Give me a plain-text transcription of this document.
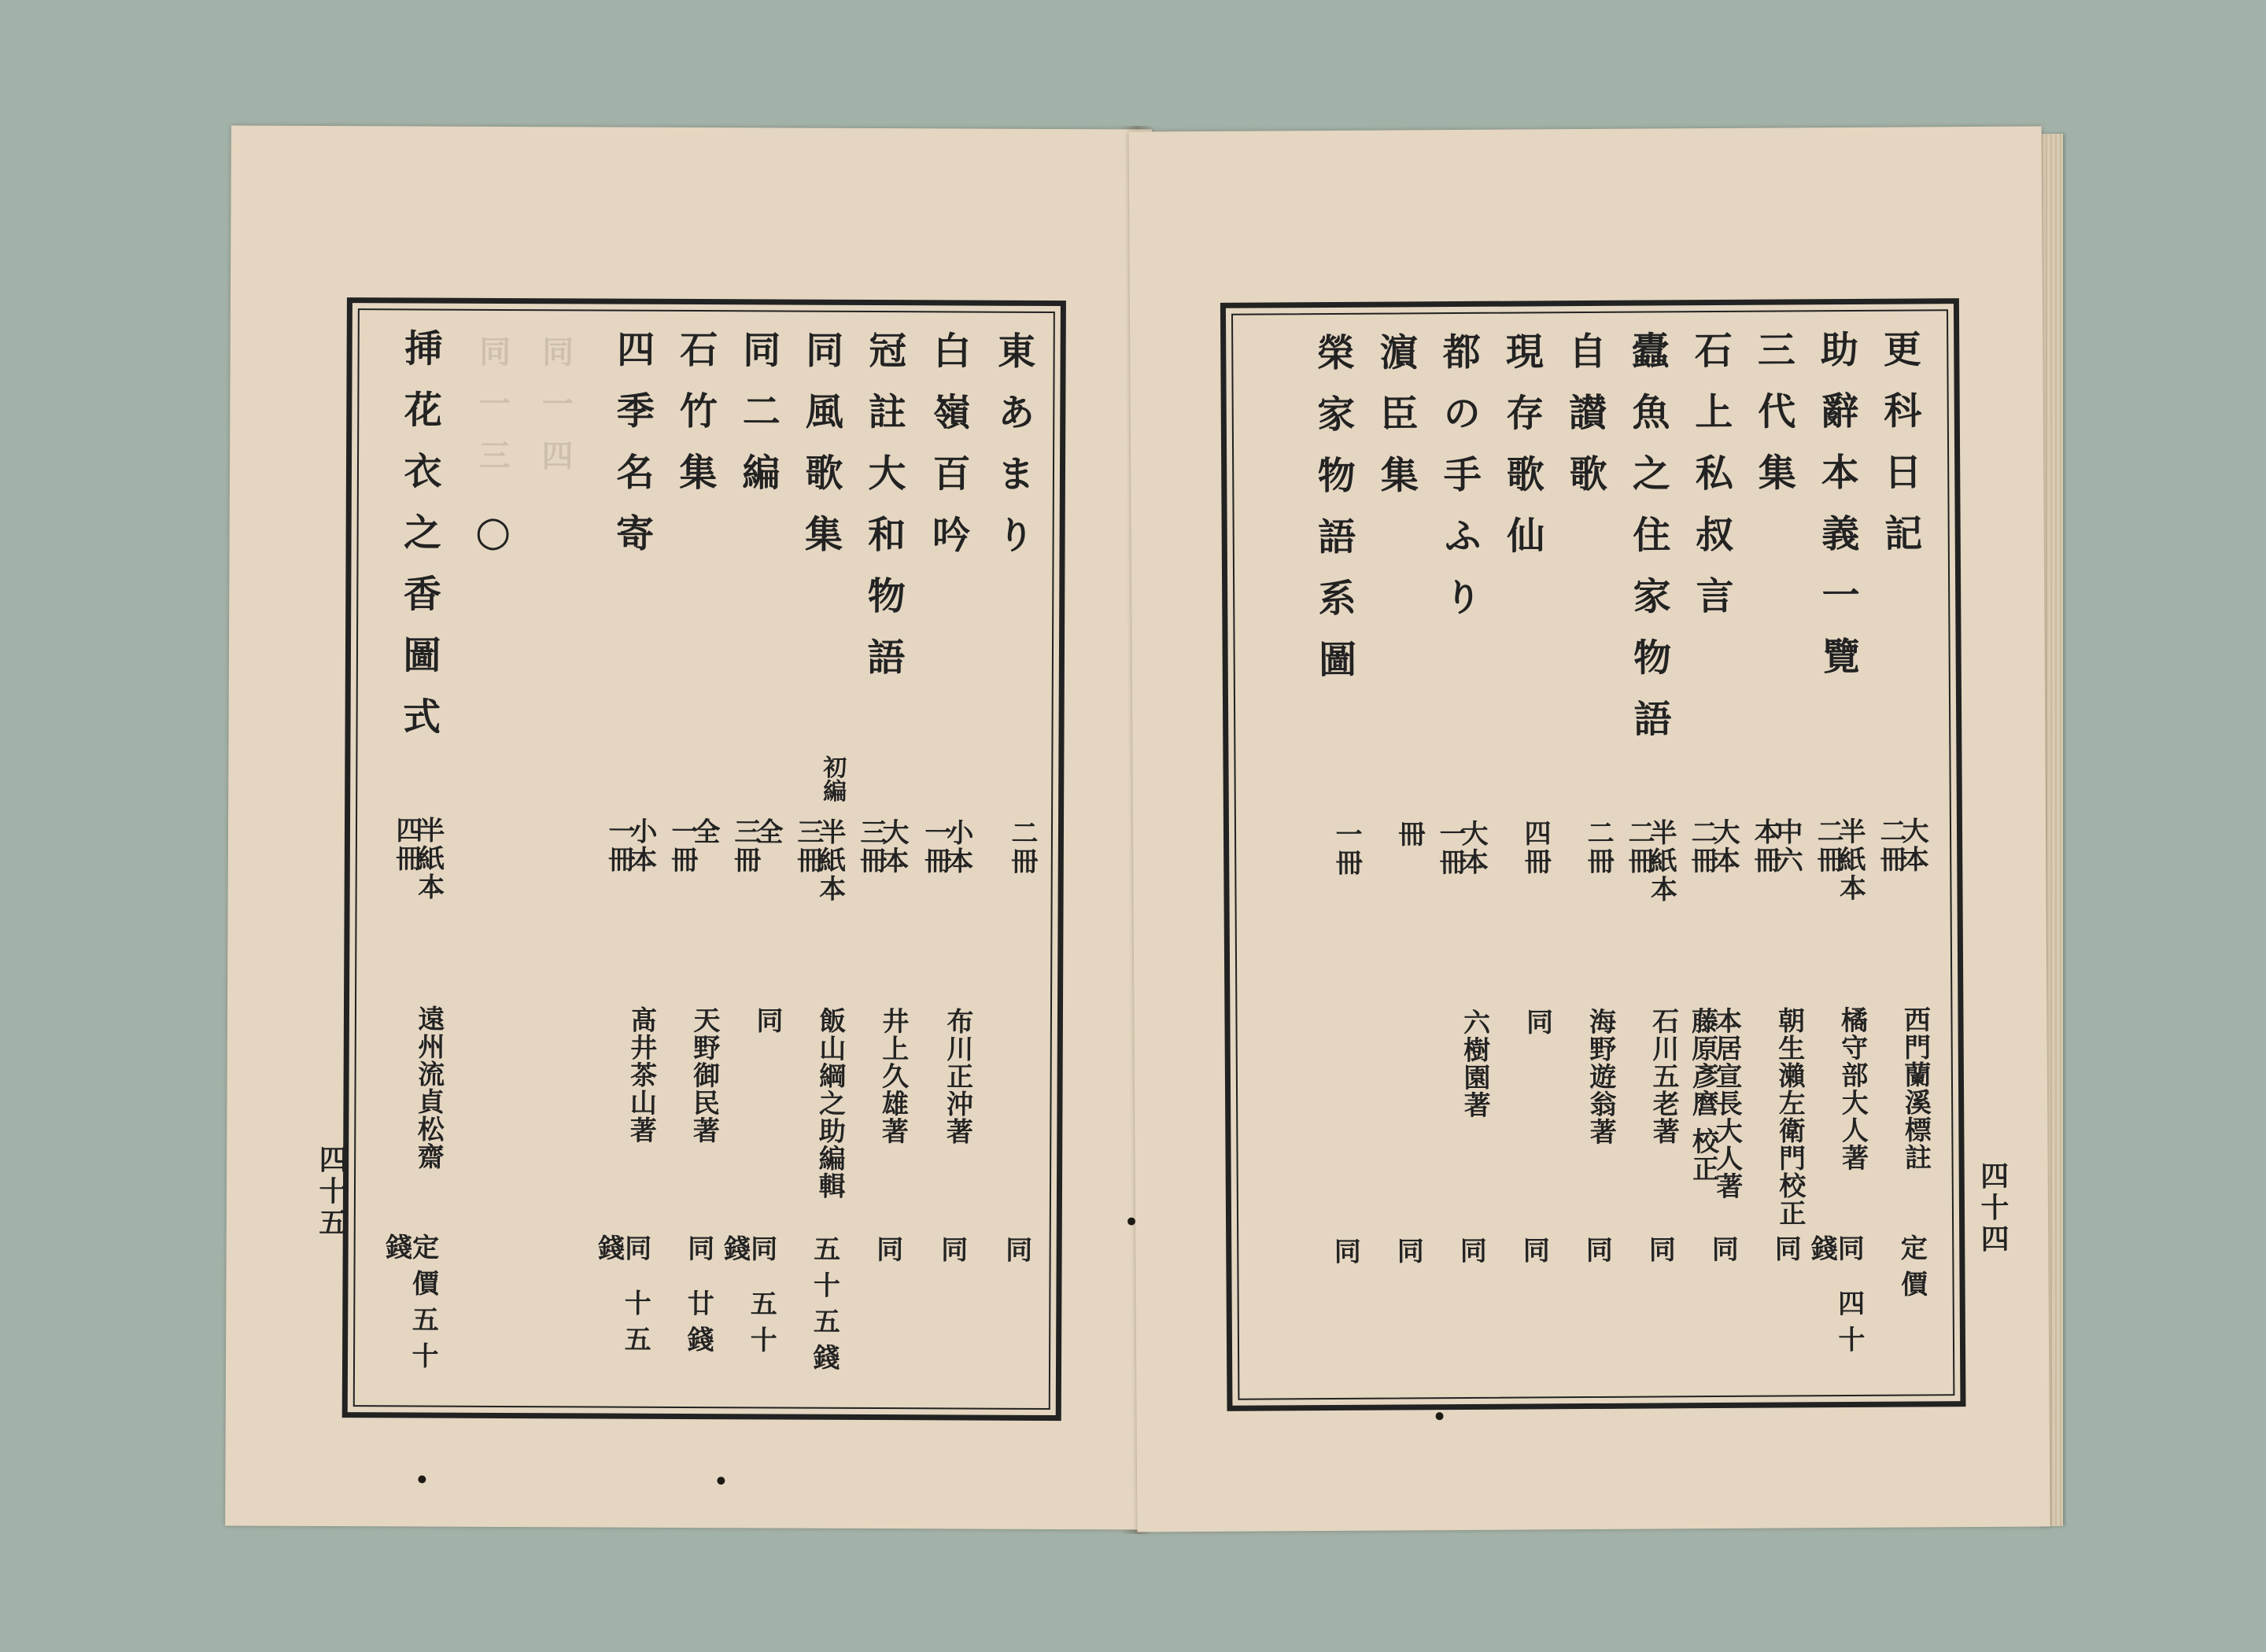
東あまり
二冊
同
白嶺百吟
小本
一冊
布川正沖著
同
冠註大和物語
大本
三冊
井上久雄著
同
同風歌集
初編
半紙本
三冊
飯山綱之助編輯
五十五錢
同二編
全
三冊
同
同 五十錢
石竹集
全
一冊
天野御民著
同 廿錢
四季名寄
小本
一冊
髙井茶山著
同 十五錢
○
同一四
同一三
挿花衣之香圖式
半紙本
四冊
遠州流貞松齋
定價五十錢
四十五
更科日記
大本
二冊
西門蘭溪標註
定價
助辭本義一覽
半紙本
二冊
橘守部大人著
同 四十錢
三代集
中六
本冊
朝生瀨左衛門校正
同
石上私叔言
大本
二冊
本居宣長大人著
藤原彥麿 校正
同
蠹魚之住家物語
半紙本
二冊
石川五老著
同
自讃歌
二冊
海野遊翁著
同
現存歌仙
四冊
同
同
都の手ふり
大本
一冊
六樹園著
同
濵臣集
冊
同
榮家物語系圖
一冊
同	四十四
